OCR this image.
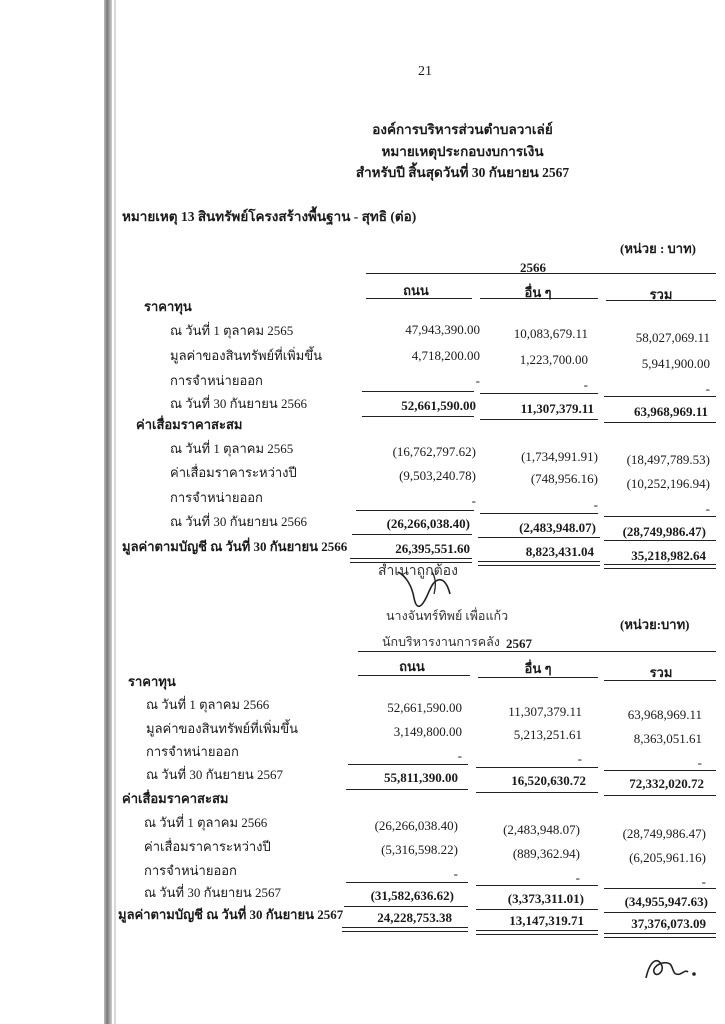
21
องค์การบริหารส่วนตำบลวาเล่ย์
หมายเหตุประกอบงบการเงิน
สำหรับปี สิ้นสุดวันที่ 30 กันยายน 2567
หมายเหตุ 13 สินทรัพย์โครงสร้างพื้นฐาน - สุทธิ (ต่อ)
(หน่วย : บาท)
2566
ถนน	อื่น ๆ	รวม
ราคาทุน
ณ วันที่ 1 ตุลาคม 2565	47,943,390.00	10,083,679.11	58,027,069.11
มูลค่าของสินทรัพย์ที่เพิ่มขึ้น	4,718,200.00	1,223,700.00	5,941,900.00
การจำหน่ายออก	-	-	-
ณ วันที่ 30 กันยายน 2566	52,661,590.00	11,307,379.11	63,968,969.11
ค่าเสื่อมราคาสะสม
ณ วันที่ 1 ตุลาคม 2565	(16,762,797.62)	(1,734,991.91)	(18,497,789.53)
ค่าเสื่อมราคาระหว่างปี	(9,503,240.78)	(748,956.16)	(10,252,196.94)
การจำหน่ายออก	-	-	-
ณ วันที่ 30 กันยายน 2566	(26,266,038.40)	(2,483,948.07)	(28,749,986.47)
มูลค่าตามบัญชี ณ วันที่ 30 กันยายน 2566	26,395,551.60	8,823,431.04	35,218,982.64
สำเนาถูกต้อง
นางจันทร์ทิพย์ เพื่อแก้ว
นักบริหารงานการคลัง
(หน่วย:บาท)
2567
ถนน	อื่น ๆ	รวม
ราคาทุน
ณ วันที่ 1 ตุลาคม 2566	52,661,590.00	11,307,379.11	63,968,969.11
มูลค่าของสินทรัพย์ที่เพิ่มขึ้น	3,149,800.00	5,213,251.61	8,363,051.61
การจำหน่ายออก	-	-	-
ณ วันที่ 30 กันยายน 2567	55,811,390.00	16,520,630.72	72,332,020.72
ค่าเสื่อมราคาสะสม
ณ วันที่ 1 ตุลาคม 2566	(26,266,038.40)	(2,483,948.07)	(28,749,986.47)
ค่าเสื่อมราคาระหว่างปี	(5,316,598.22)	(889,362.94)	(6,205,961.16)
การจำหน่ายออก	-	-	-
ณ วันที่ 30 กันยายน 2567	(31,582,636.62)	(3,373,311.01)	(34,955,947.63)
มูลค่าตามบัญชี ณ วันที่ 30 กันยายน 2567	24,228,753.38	13,147,319.71	37,376,073.09
